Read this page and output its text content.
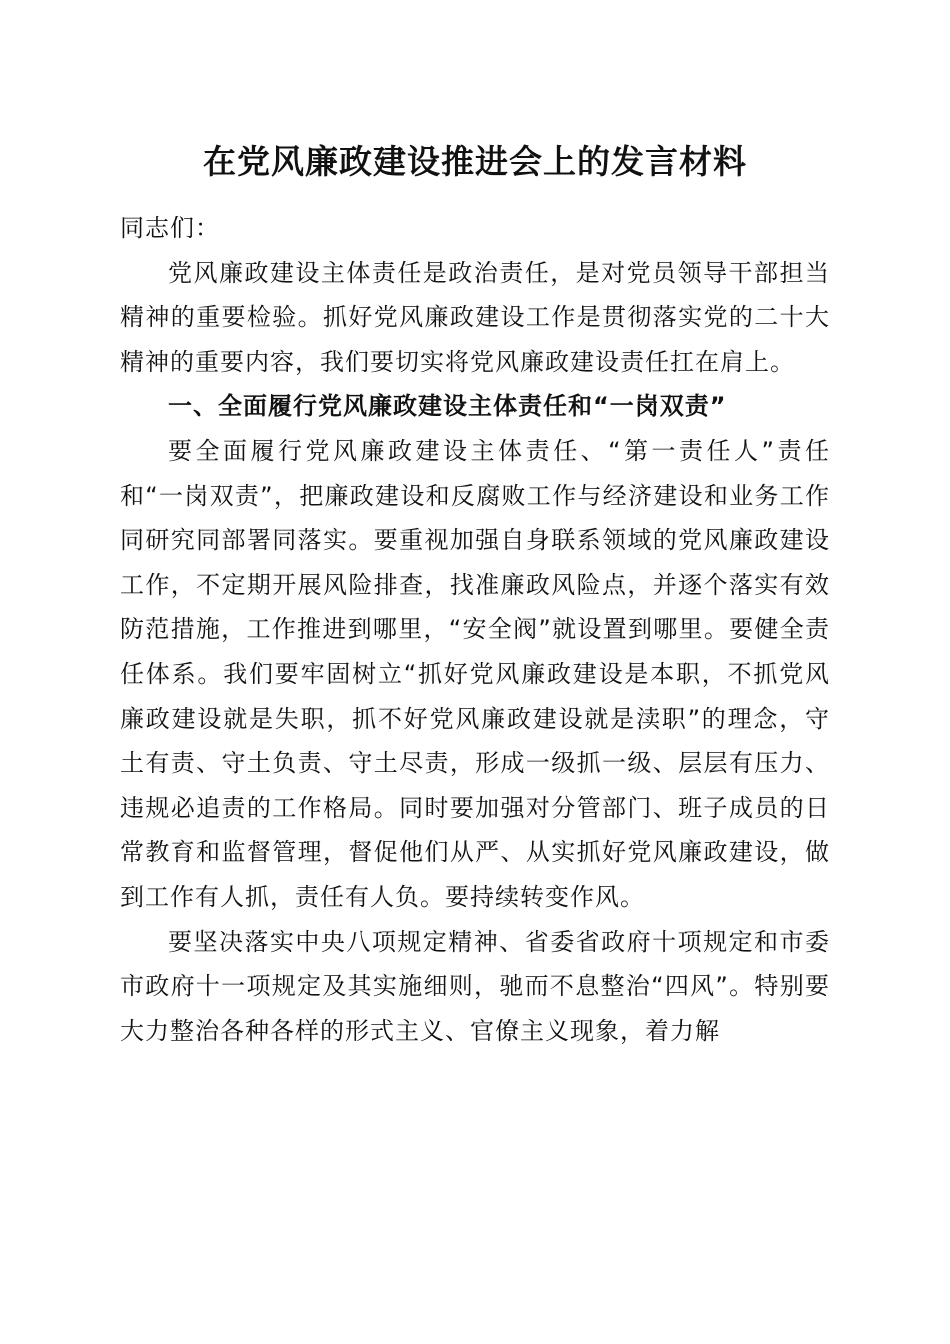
在党风廉政建设推进会上的发言材料

同志们：

党风廉政建设主体责任是政治责任，是对党员领导干部担当精神的重要检验。抓好党风廉政建设工作是贯彻落实党的二十大精神的重要内容，我们要切实将党风廉政建设责任扛在肩上。

一、全面履行党风廉政建设主体责任和“一岗双责”

要全面履行党风廉政建设主体责任、“第一责任人”责任和“一岗双责”，把廉政建设和反腐败工作与经济建设和业务工作同研究同部署同落实。要重视加强自身联系领域的党风廉政建设工作，不定期开展风险排查，找准廉政风险点，并逐个落实有效防范措施，工作推进到哪里，“安全阀”就设置到哪里。要健全责任体系。我们要牢固树立“抓好党风廉政建设是本职，不抓党风廉政建设就是失职，抓不好党风廉政建设就是渎职”的理念，守土有责、守土负责、守土尽责，形成一级抓一级、层层有压力、违规必追责的工作格局。同时要加强对分管部门、班子成员的日常教育和监督管理，督促他们从严、从实抓好党风廉政建设，做到工作有人抓，责任有人负。要持续转变作风。

要坚决落实中央八项规定精神、省委省政府十项规定和市委市政府十一项规定及其实施细则，驰而不息整治“四风”。特别要大力整治各种各样的形式主义、官僚主义现象，着力解
